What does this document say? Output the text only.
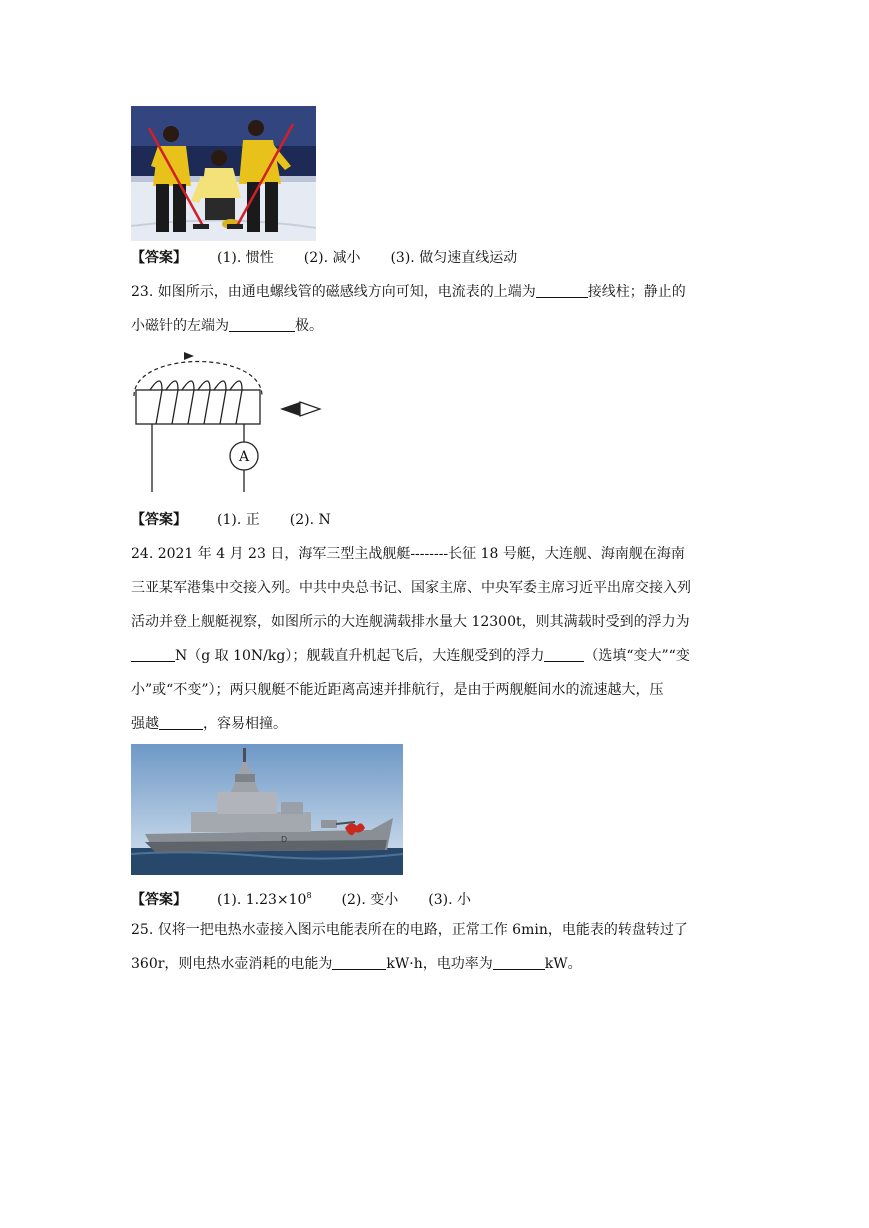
【答案】 (1). 惯性 (2). 减小 (3). 做匀速直线运动
23. 如图所示，由通电螺线管的磁感线方向可知，电流表的上端为	接线柱；静止的
小磁针的左端为	极。
A
【答案】 (1). 正 (2). N
24. 2021 年 4 月 23 日，海军三型主战舰艇--------长征 18 号艇，大连舰、海南舰在海南
三亚某军港集中交接入列。中共中央总书记、国家主席、中央军委主席习近平出席交接入列
活动并登上舰艇视察，如图所示的大连舰满载排水量大 12300t，则其满载时受到的浮力为
N（g 取 10N/kg）；舰载直升机起飞后，大连舰受到的浮力	（选填“变大”“变
小”或“不变”）；两只舰艇不能近距离高速并排航行，是由于两舰艇间水的流速越大，压
强越	，容易相撞。
D
【答案】 (1). $1.23\times 10^8$ (2). 变小 (3). 小
25. 仅将一把电热水壶接入图示电能表所在的电路，正常工作 6min，电能表的转盘转过了
360r，则电热水壶消耗的电能为	kW·h，电功率为	kW。
